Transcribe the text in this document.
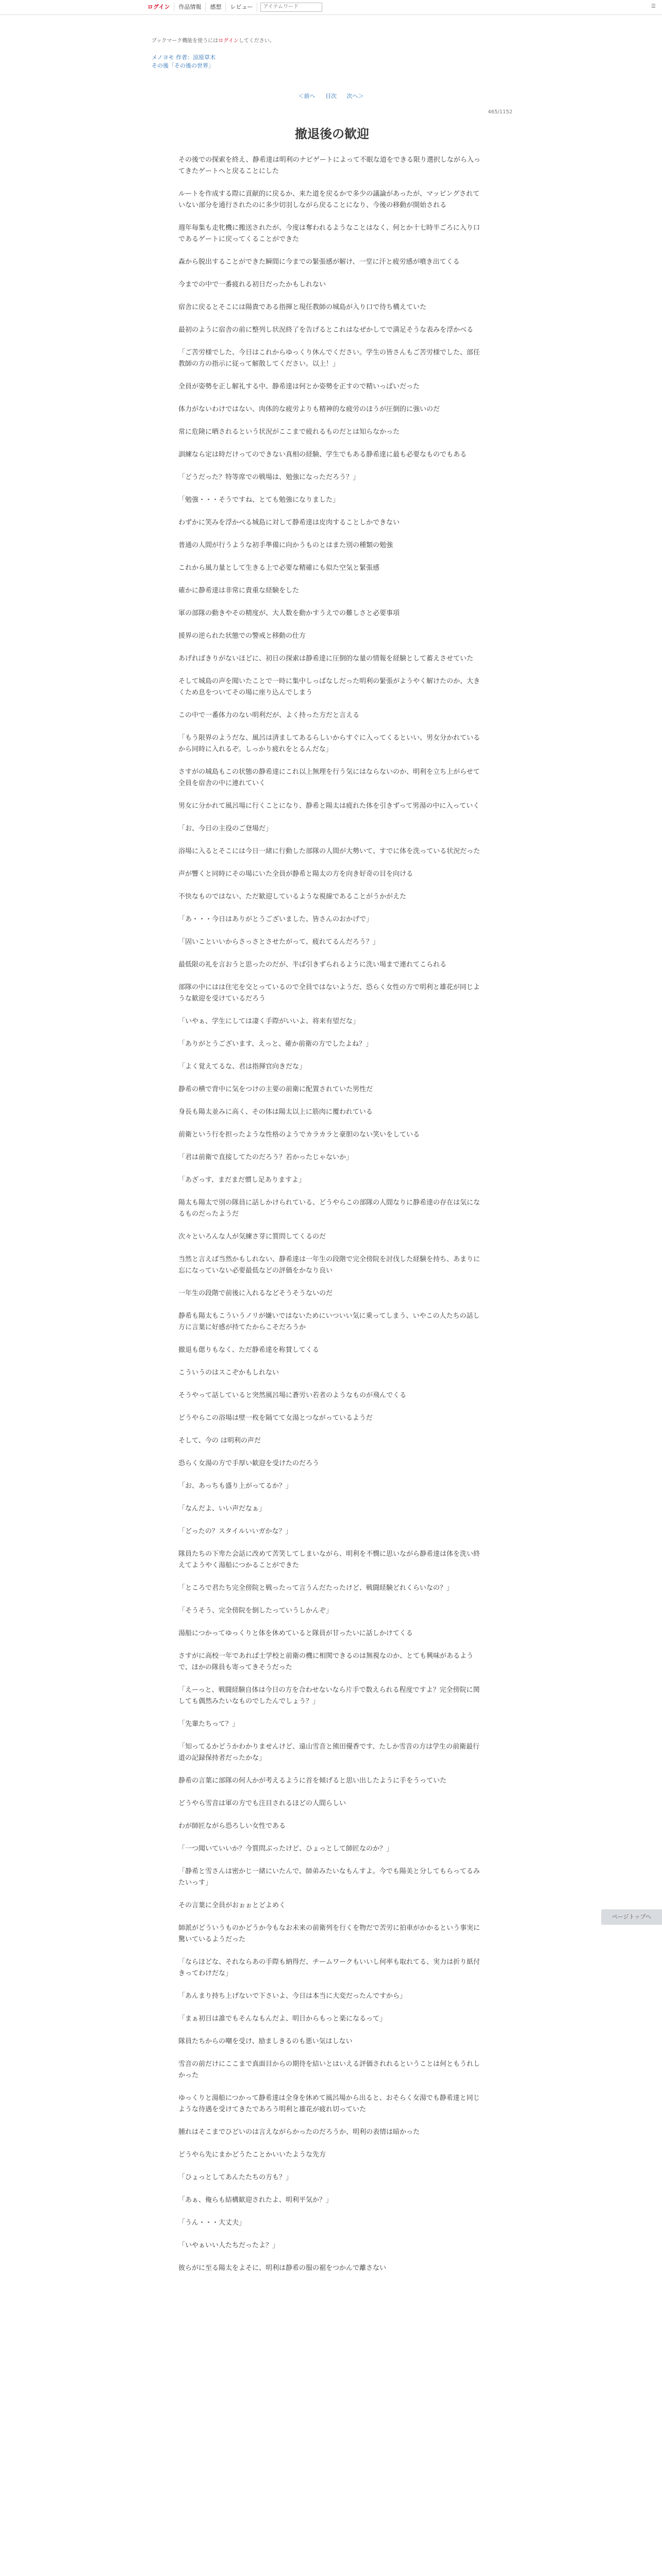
ログイン	作品情報	感想	レビュー
アイテムワード	☰
ブックマーク機能を使うにはログインしてください。
メノヨモ 作者：涼原草木
その後「その後の世界」
＜前へ 目次 次へ＞
465/1152
撤退後の歓迎

その後での探索を終え、静希達は明利のナビゲートによって不眠な道をできる限り選択しながら入ってきたゲートへと戻ることにした

ルートを作成する際に貢献的に戻るか、来た道を戻るかで多少の議論があったが、マッピングされていない部分を通行されたのに多少切羽しながら戻ることになり、今後の移動が開始される

週年毎集も走牝機に搬送されたが、今度は奪われるようなことはなく、何とか十七時半ごろに入り口であるゲートに戻ってくることができた

森から脱出することができた瞬間に今までの緊張感が解け、一堂に汗と疲労感が噴き出てくる

今までの中で一番疲れる初日だったかもしれない

宿舎に戻るとそこには陽貴である指揮と現任教師の城島が入り口で待ち構えていた

最初のように宿舎の前に整列し状況終了を告げるとこれはなぜかしてで満足そうな表みを浮かべる

「ご苦労様でした、今日はこれからゆっくり休んでください。学生の皆さんもご苦労様でした、部任教師の方の指示に従って解散してください。以上！」

全員が姿勢を正し解礼する中、静希達は何とか姿勢を正すので精いっぱいだった

体力がないわけではない、肉体的な疲労よりも精神的な疲労のほうが圧倒的に強いのだ

常に危険に晒されるという状況がここまで疲れるものだとは知らなかった

訓練なら定は時だけってのできない真相の経験、学生でもある静希達に最も必要なものでもある

「どうだった？特等席での戦場は、勉強になっただろう？」

「勉強・・・そうですね、とても勉強になりました」

わずかに笑みを浮かべる城島に対して静希達は皮肉することしかできない

普通の人間が行うような初手準備に向かうものとはまた別の種類の勉強

これから風力量として生きる上で必要な精確にも似た空気と緊張感

確かに静希達は非常に貴重な経験をした

軍の部隊の動きやその精度が、大人数を動かすうえでの難しさと必要事項

援界の逆られた状態での警戒と移動の仕方

あげればきりがないほどに、初日の探索は静希達に圧倒的な量の情報を経験として蓄えさせていた

そして城島の声を聞いたことで一時に集中しっぱなしだった明利の緊張がようやく解けたのか、大きくため息をついてその場に座り込んでしまう

この中で一番体力のない明利だが、よく持った方だと言える

「もう限界のようだな、風呂は済ましてあるらしいからすぐに入ってくるといい、男女分かれているから同時に入れるぞ。しっかり疲れをとるんだな」

さすがの城島もこの状態の静希達にこれ以上無理を行う気にはならないのか、明利を立ち上がらせて全員を宿舎の中に連れていく

男女に分かれて風呂場に行くことになり、静希と陽太は疲れた体を引きずって男湯の中に入っていく

「お、今日の主役のご登場だ」

浴場に入るとそこには今日一緒に行動した部隊の人間が大勢いて、すでに体を洗っている状況だった

声が響くと同時にその場にいた全員が静希と陽太の方を向き好奇の目を向ける

不快なものではない、ただ歓迎しているような視線であることがうかがえた

「あ・・・今日はありがとうございました、皆さんのおかげで」

「固いこといいからさっさとさせたがって、疲れてるんだろう？」

最低限の礼を言おうと思ったのだが、半ば引きずられるように洗い場まで連れてこられる

部隊の中にはは住宅を交とっているので全員ではないようだ、恐らく女性の方で明利と雄花が同じような歓迎を受けているだろう

「いやぁ、学生にしては凄く手際がいいよ、将来有望だな」

「ありがとうございます、えっと、確か前衛の方でしたよね？」

「よく覚えてるな、君は指揮官向きだな」

静希の横で背中に気をつけの主要の前衛に配置されていた男性だ

身長も陽太並みに高く、その体は陽太以上に筋肉に覆われている

前衛という行を担ったような性格のようでカラカラと豪胆のない笑いをしている

「君は前衛で直接してたのだろう？若かったじゃないか」

「あざっす、まだまだ慣し足ありますよ」

陽太も陽太で別の隊員に話しかけられている、どうやらこの部隊の人間なりに静希達の存在は気になるものだったようだ

次々といろんな人が気練さ芽に質問してくるのだ

当然と言えば当然かもしれない、静希達は一年生の段階で完全傍院を討伐した経験を持ち、あまりに忘になっていない必要最低などの評価をかなり良い

一年生の段階で前後に入れるなどそうそうないのだ

静希も陽太もこういうノリが嫌いではないためにいついい気に乗ってしまう、いやこの人たちの話し方に言葉に好感が持てたからこそだろうか

撤退も偲りもなく、ただ静希達を称賛してくる

こういうのはスこぞかもしれない

そうやって話していると突然風呂場に蒼労い若者のようなものが飛んでくる

どうやらこの浴場は壁一枚を隔てて女湯とつながっているようだ

そして、今の は明利の声だ

恐らく女湯の方で手厚い歓迎を受けたのだろう

「お、あっちも盛り上がってるか？」

「なんだよ、いい声だなぁ」

「どったの？スタイルいいガかな？」

隊員たちの下卑た会話に改めて苦笑してしまいながら、明利を不憫に思いながら静希達は体を洗い終えてようやく湯船につかることができた

「ところで君たち完全傍院と戦ったって言うんだたったけど、戦闘経験どれくらいなの？」

「そうそう、完全傍院を倒したっていうしかんぞ」

湯船につかってゆっくりと体を休めていると隊員が甘ったいに話しかけてくる

さすがに高校一年であれば士学校と前衛の機に相関できるのは無視なのか、とても興味があるようで、ほかの隊員も寄ってきそうだった

「えーっと、戦闘経験自体は今日の方を合わせないなら片手で数えられる程度ですよ？完全傍院に関しても偶然みたいなものでしたんでしょう？」

「先輩たちって？」

「知ってるかどうかわかりませんけど、遠山雪音と熊田優香です、たしか雪音の方は学生の前衛最行道の記録保持者だったかな」

静希の言葉に部隊の何人かが考えるように首を傾げると思い出したように手をうっていた

どうやら雪音は軍の方でも注目されるほどの人間らしい

わが師匠ながら恐ろしい女性である

「一つ聞いていいか？今質問ぶったけど、ひょっとして師匠なのか？」

「静希と雪さんは密かじ一緒にいたんで、師弟みたいなもんすよ。今でも陽美と分してもらってるみたいっす」

その言葉に全員がおぉぉとどよめく

師派がどういうものかどうか今もなお未来の前衛列を行くを物だで苦労に拍車がかかるという事実に驚いているようだった

「ならほどな、それならあの手際も納得だ、チームワークもいいし何率も取れてる、実力は折り紙付きってわけだな」

「あんまり持ち上げないで下さいよ、今日は本当に大変だったんですから」

「まぁ初日は誰でもそんなもんだよ、明日からもっと楽になるって」

隊員たちからの嘲を受け、励ましきるのも悪い気はしない

雪音の前だけにここまで真面目からの期待を結いとはいえる評価されれるということは何ともうれしかった

ゆっくりと湯船につかって静希達は全身を休めて風呂場から出ると、おそらく女湯でも静希達と同じような待遇を受けてきたであろう明利と雄花が疲れ切っていた

腫れはそこまでひどいのは言えながらかったのだろうか、明利の表情は暗かった

どうやら先にまかどうたことかいいたような先方

「ひょっとしてあんたたちの方も？」

「あぁ、俺らも結構歓迎されたよ、明利平気か？」

「うん・・・大丈夫」

「いやぁいい人たちだったよ？」

彼らがに至る陽太をよそに、明利は静希の服の裾をつかんで離さない

ページトップへ
